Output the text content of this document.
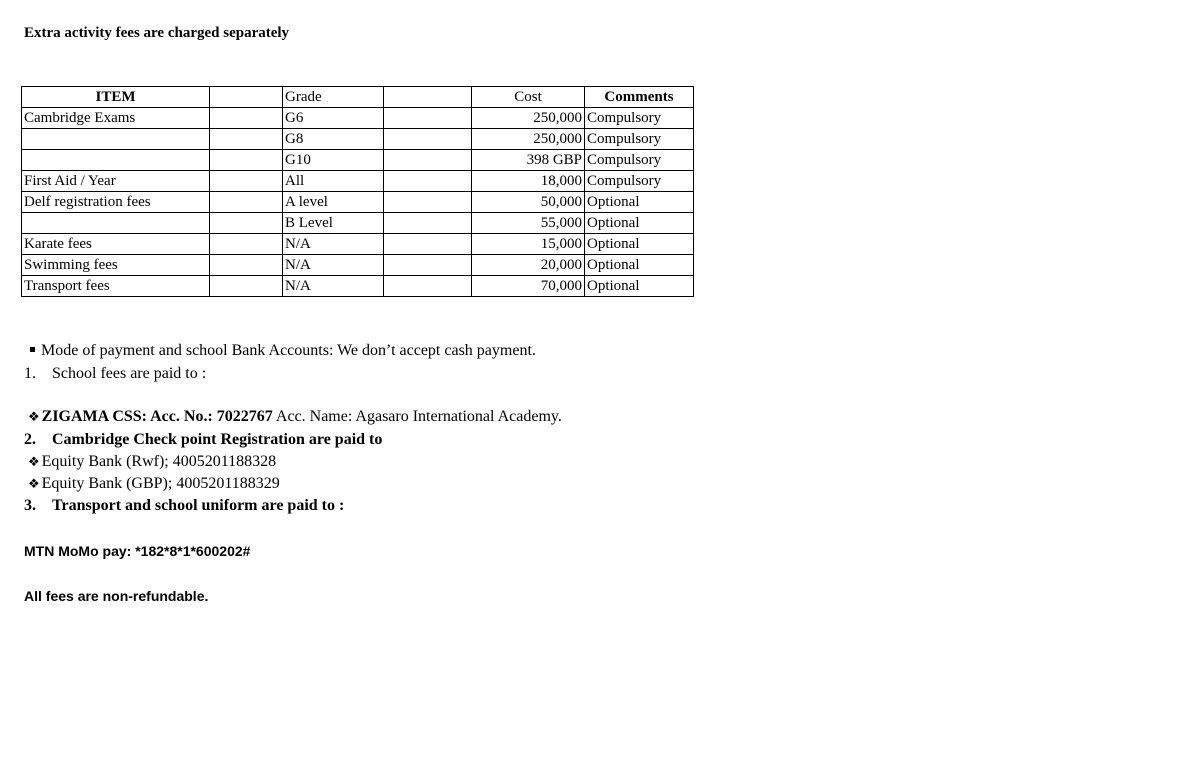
Extra activity fees are charged separately
ITEM		Grade		Cost	Comments
Cambridge Exams		G6		250,000	Compulsory
		G8		250,000	Compulsory
		G10		398 GBP	Compulsory
First Aid / Year		All		18,000	Compulsory
Delf registration fees		A level		50,000	Optional
		B Level		55,000	Optional
Karate fees		N/A		15,000	Optional
Swimming fees		N/A		20,000	Optional
Transport fees		N/A		70,000	Optional
Mode of payment and school Bank Accounts: We don’t accept cash payment.
1. School fees are paid to :
❖ ZIGAMA CSS: Acc. No.: 7022767 Acc. Name: Agasaro International Academy.
2. Cambridge Check point Registration are paid to
❖ Equity Bank (Rwf); 4005201188328
❖ Equity Bank (GBP); 4005201188329
3. Transport and school uniform are paid to :
MTN MoMo pay: *182*8*1*600202#
All fees are non-refundable.
